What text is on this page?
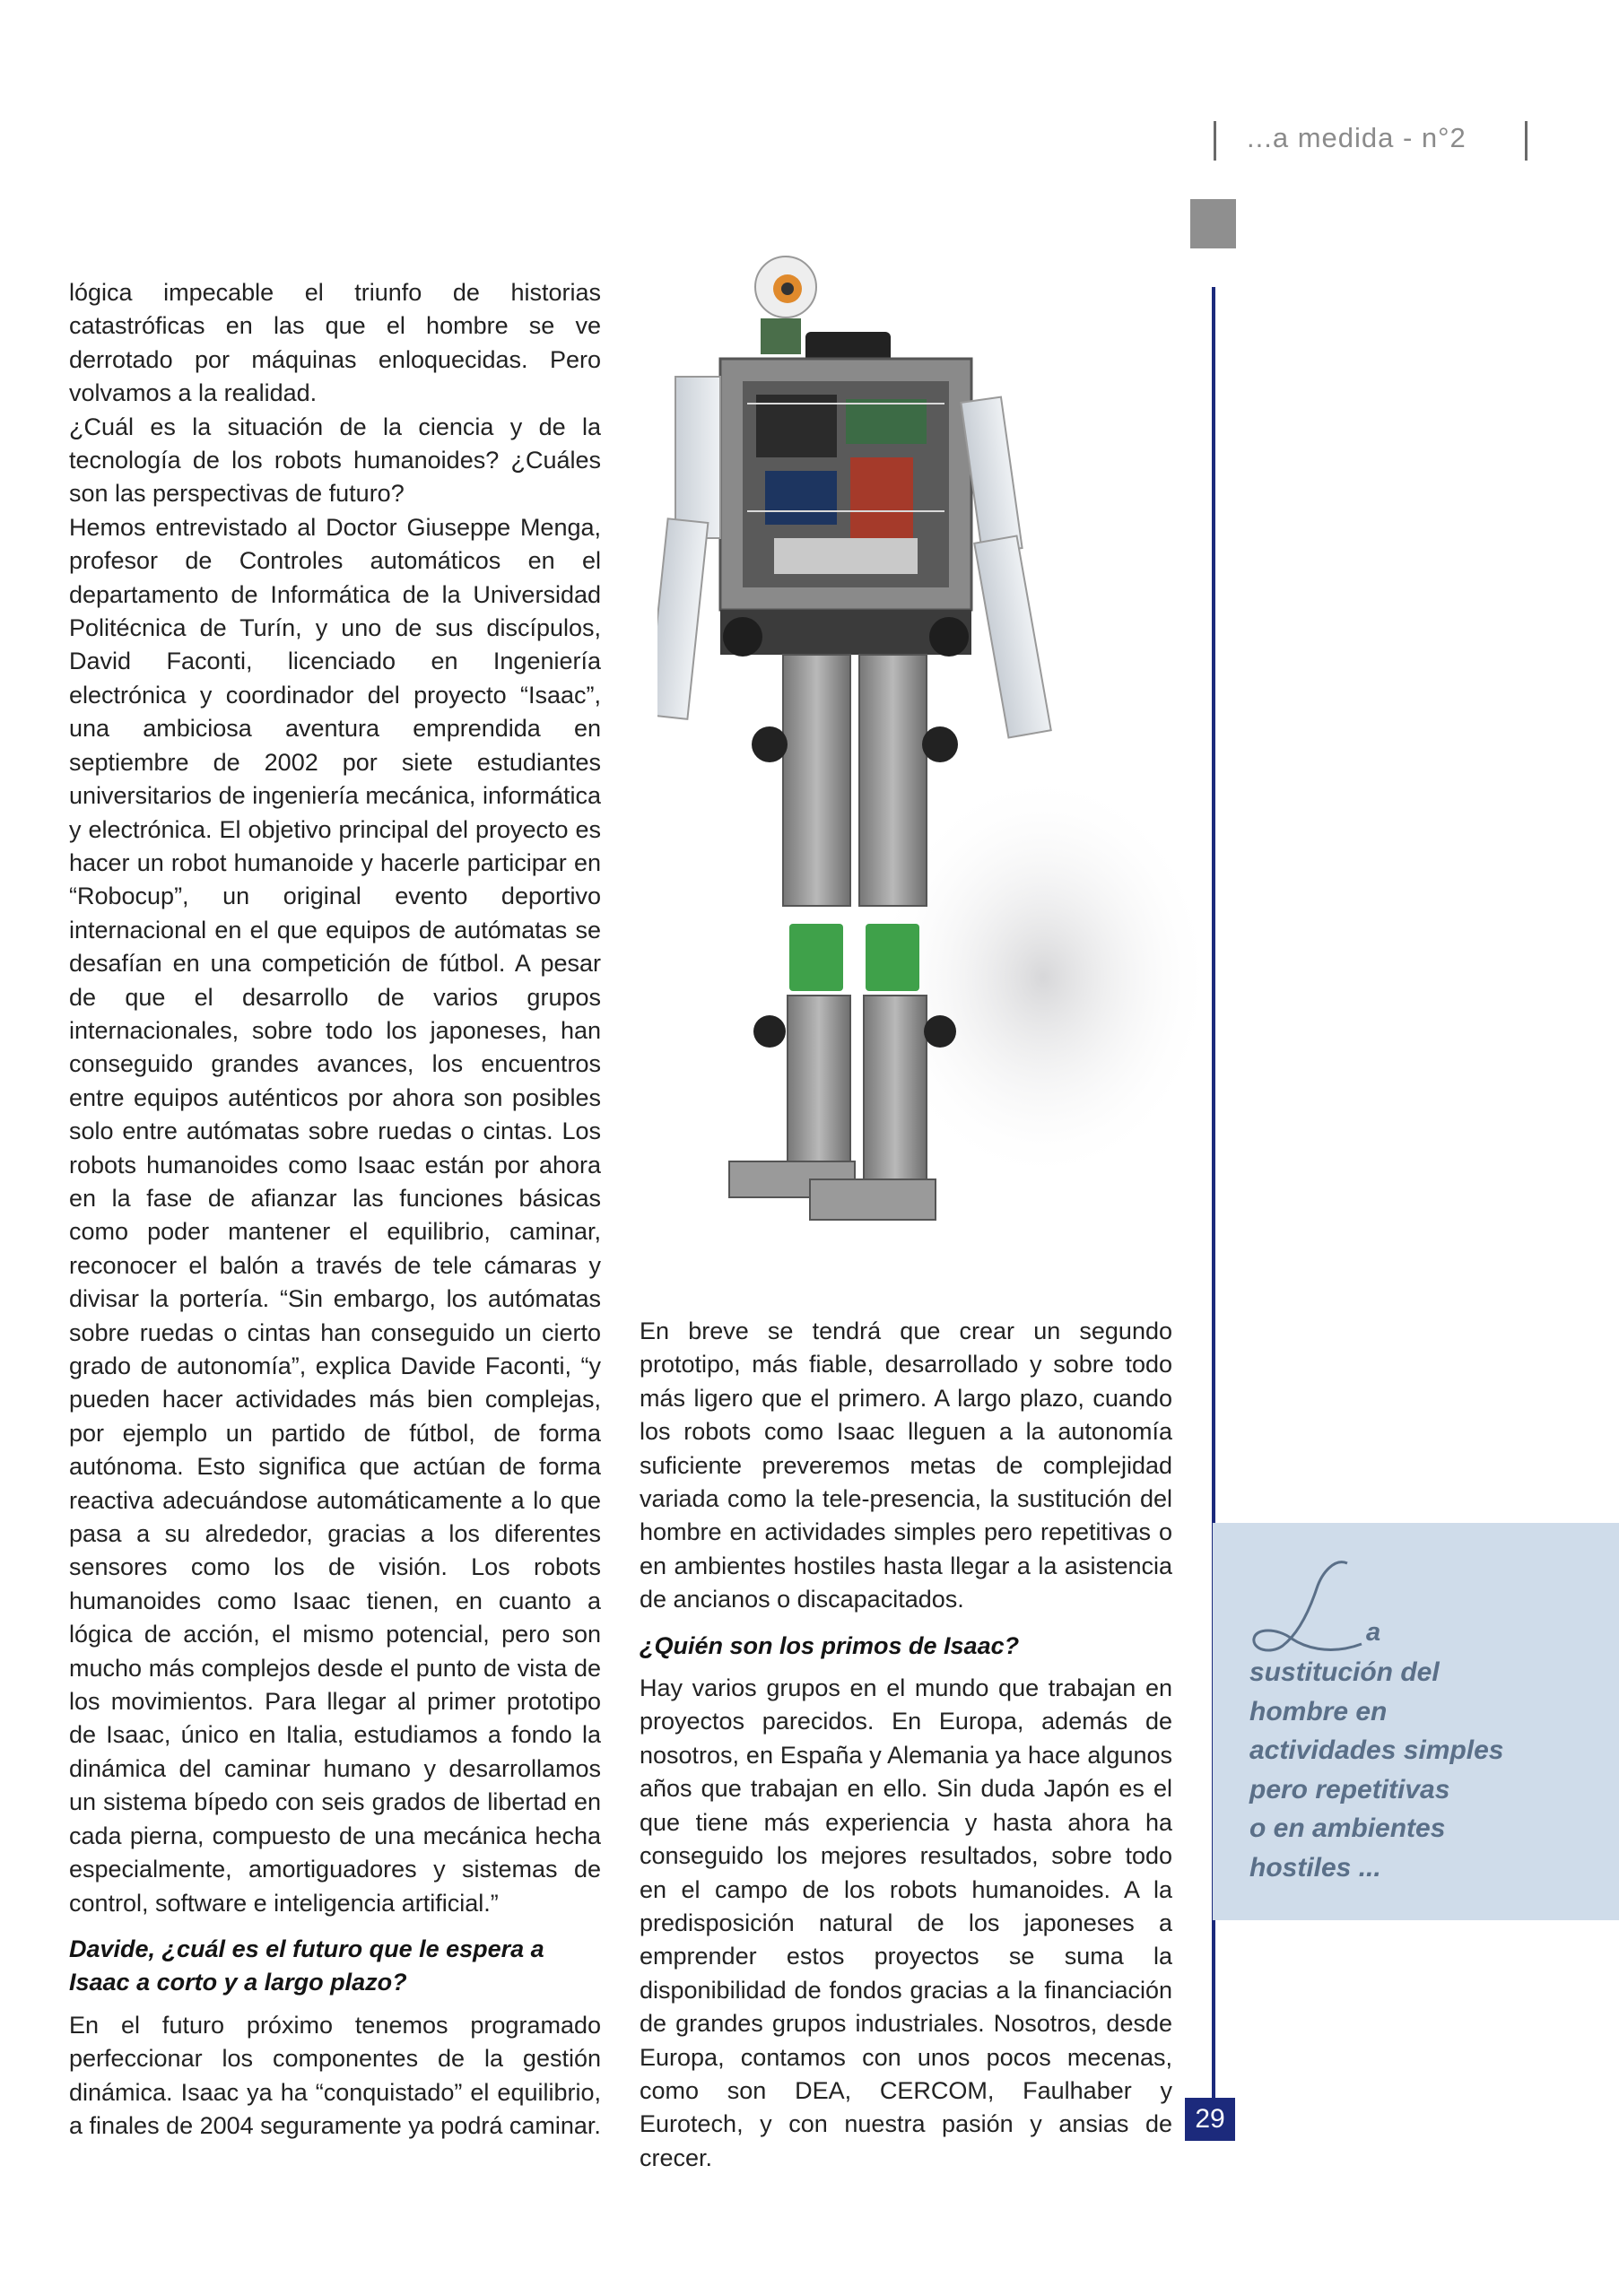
...a medida - n°2
29

lógica impecable el triunfo de historias catastróficas en las que el hombre se ve derrotado por máquinas enloquecidas. Pero volvamos a la realidad.

¿Cuál es la situación de la ciencia y de la tecnología de los robots humanoides? ¿Cuáles son las perspectivas de futuro?

Hemos entrevistado al Doctor Giuseppe Menga, profesor de Controles automáticos en el departamento de Informática de la Universidad Politécnica de Turín, y uno de sus discípulos, David Faconti, licenciado en Ingeniería electrónica y coordinador del proyecto “Isaac”, una ambiciosa aventura emprendida en septiembre de 2002 por siete estudiantes universitarios de ingeniería mecánica, informática y electrónica. El objetivo principal del proyecto es hacer un robot humanoide y hacerle participar en “Robocup”, un original evento deportivo internacional en el que equipos de autómatas se desafían en una competición de fútbol. A pesar de que el desarrollo de varios grupos internacionales, sobre todo los japoneses, han conseguido grandes avances, los encuentros entre equipos auténticos por ahora son posibles solo entre autómatas sobre ruedas o cintas. Los robots humanoides como Isaac están por ahora en la fase de afianzar las funciones básicas como poder mantener el equilibrio, caminar, reconocer el balón a través de tele cámaras y divisar la portería. “Sin embargo, los autómatas sobre ruedas o cintas han conseguido un cierto grado de autonomía”, explica Davide Faconti, “y pueden hacer actividades más bien complejas, por ejemplo un partido de fútbol, de forma autónoma. Esto significa que actúan de forma reactiva adecuándose automáticamente a lo que pasa a su alrededor, gracias a los diferentes sensores como los de visión. Los robots humanoides como Isaac tienen, en cuanto a lógica de acción, el mismo potencial, pero son mucho más complejos desde el punto de vista de los movimientos. Para llegar al primer prototipo de Isaac, único en Italia, estudiamos a fondo la dinámica del caminar humano y desarrollamos un sistema bípedo con seis grados de libertad en cada pierna, compuesto de una mecánica hecha especialmente, amortiguadores y sistemas de control, software e inteligencia artificial.”

Davide, ¿cuál es el futuro que le espera a Isaac a corto y a largo plazo?

En el futuro próximo tenemos programado perfeccionar los componentes de la gestión dinámica. Isaac ya ha “conquistado” el equilibrio, a finales de 2004 seguramente ya podrá caminar.

En breve se tendrá que crear un segundo prototipo, más fiable, desarrollado y sobre todo más ligero que el primero. A largo plazo, cuando los robots como Isaac lleguen a la autonomía suficiente preveremos metas de complejidad variada como la tele-presencia, la sustitución del hombre en actividades simples pero repetitivas o en ambientes hostiles hasta llegar a la asistencia de ancianos o discapacitados.

¿Quién son los primos de Isaac?

Hay varios grupos en el mundo que trabajan en proyectos parecidos. En Europa, además de nosotros, en España y Alemania ya hace algunos años que trabajan en ello. Sin duda Japón es el que tiene más experiencia y hasta ahora ha conseguido los mejores resultados, sobre todo en el campo de los robots humanoides. A la predisposición natural de los japoneses a emprender estos proyectos se suma la disponibilidad de fondos gracias a la financiación de grandes grupos industriales. Nosotros, desde Europa, contamos con unos pocos mecenas, como son DEA, CERCOM, Faulhaber y Eurotech, y con nuestra pasión y ansias de crecer.

a

sustitución del

hombre en

actividades simples

pero repetitivas

o en ambientes

hostiles ...
